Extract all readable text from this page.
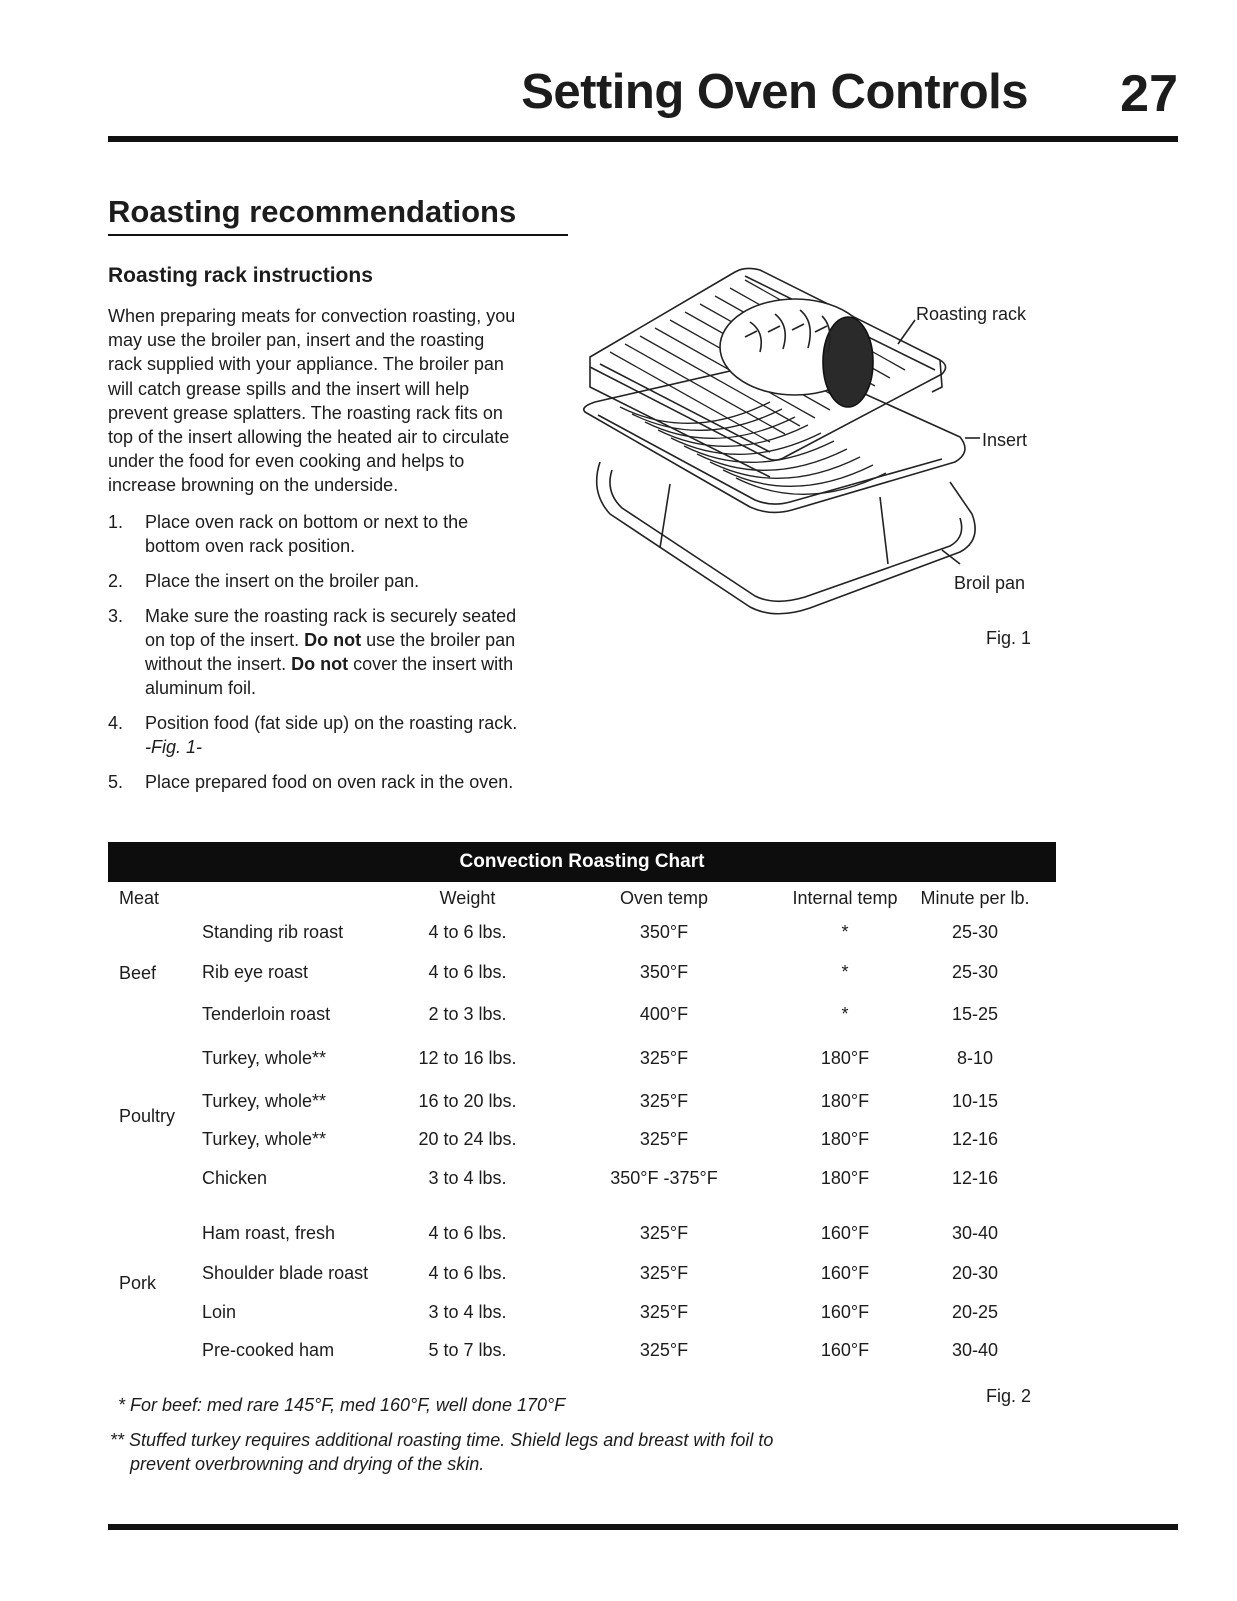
Setting Oven Controls 27
Roasting recommendations
Roasting rack instructions
When preparing meats for convection roasting, you
may use the broiler pan, insert and the roasting
rack supplied with your appliance. The broiler pan
will catch grease spills and the insert will help
prevent grease splatters. The roasting rack fits on
top of the insert allowing the heated air to circulate
under the food for even cooking and helps to
increase browning on the underside.
1. Place oven rack on bottom or next to the
bottom oven rack position.
2. Place the insert on the broiler pan.
3. Make sure the roasting rack is securely seated
on top of the insert. Do not use the broiler pan
without the insert. Do not cover the insert with
aluminum foil.
4. Position food (fat side up) on the roasting rack.
-Fig. 1-
5. Place prepared food on oven rack in the oven.
Roasting rack
Insert
Broil pan
Fig. 1
Convection Roasting Chart
Meat	Weight	Oven temp	Internal temp	Minute per lb.
Beef
Standing rib roast	4 to 6 lbs.	350°F	*	25-30
Rib eye roast	4 to 6 lbs.	350°F	*	25-30
Tenderloin roast	2 to 3 lbs.	400°F	*	15-25
Poultry
Turkey, whole**	12 to 16 lbs.	325°F	180°F	8-10
Turkey, whole**	16 to 20 lbs.	325°F	180°F	10-15
Turkey, whole**	20 to 24 lbs.	325°F	180°F	12-16
Chicken	3 to 4 lbs.	350°F -375°F	180°F	12-16
Pork
Ham roast, fresh	4 to 6 lbs.	325°F	160°F	30-40
Shoulder blade roast	4 to 6 lbs.	325°F	160°F	20-30
Loin	3 to 4 lbs.	325°F	160°F	20-25
Pre-cooked ham	5 to 7 lbs.	325°F	160°F	30-40
* For beef: med rare 145°F, med 160°F, well done 170°F
** Stuffed turkey requires additional roasting time. Shield legs and breast with foil to
prevent overbrowning and drying of the skin.
Fig. 2
